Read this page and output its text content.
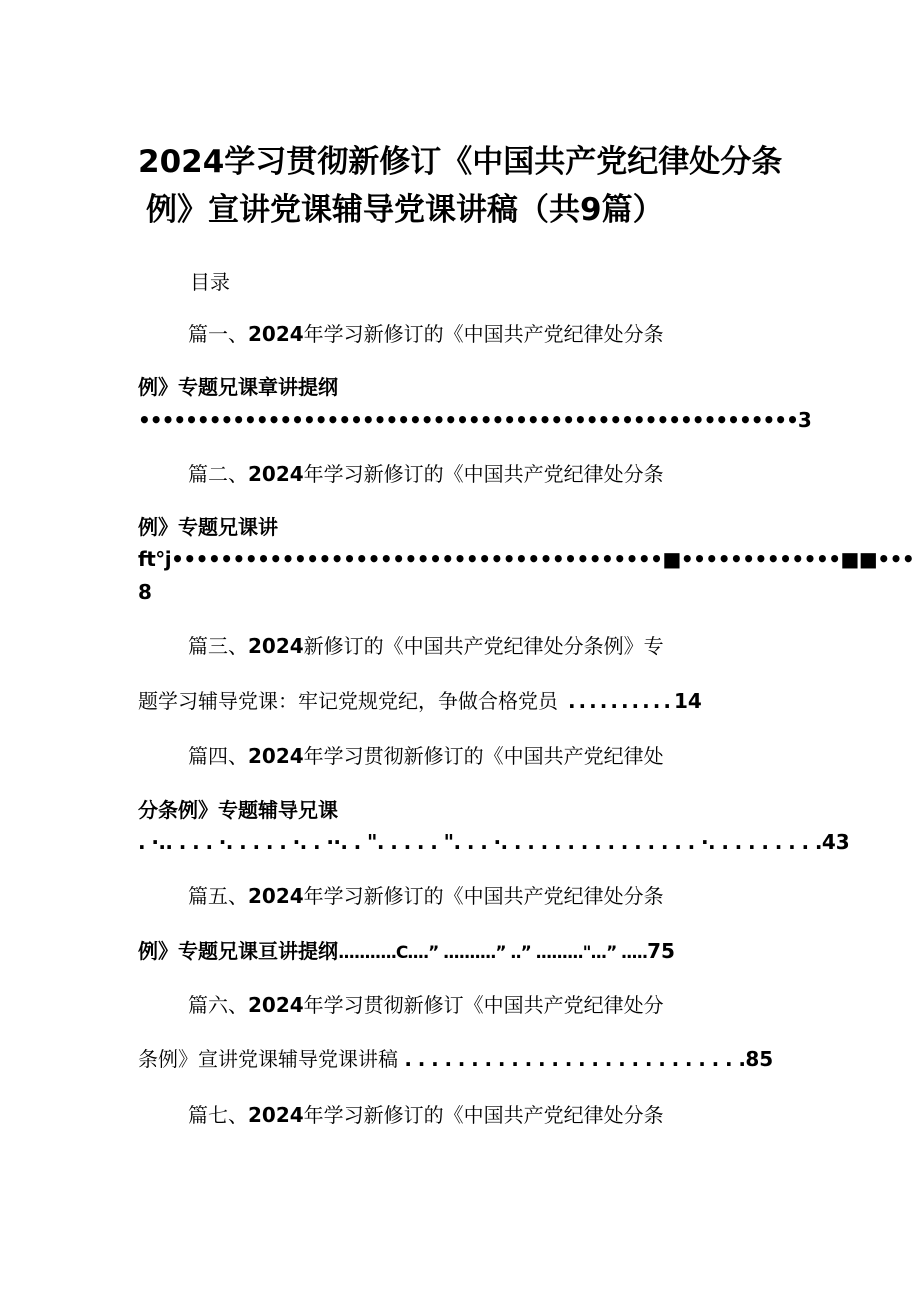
2024学习贯彻新修订《中国共产党纪律处分条
例》宣讲党课辅导党课讲稿（共9篇）
目录
篇一、2024年学习新修订的《中国共产党纪律处分条
例》专题兄课章讲提纲
••••••••••••••••••••••••••••••••••••••••••••••••••••••••3
篇二、2024年学习新修订的《中国共产党纪律处分条
例》专题兄课讲
ft°j••••••••••••••••••••••••••••••••••••••••■•••••••••••••■■•••
8
篇三、2024新修订的《中国共产党纪律处分条例》专
题学习辅导党课：牢记党规党纪，争做合格党员 ..........14
篇四、2024年学习贯彻新修订的《中国共产党纪律处
分条例》专题辅导兄课
. ·.. . . . ·. . . . . ·. . ··. . ". . . . . ". . . ·. . . . . . . . . . . . . . . ·. . . . . . . . .43
篇五、2024年学习新修订的《中国共产党纪律处分条
例》专题兄课亘讲提纲...........C....” ..........” ..” ........."...” .....75
篇六、2024年学习贯彻新修订《中国共产党纪律处分
条例》宣讲党课辅导党课讲稿 . . . . . . . . . . . . . . . . . . . . . . . . . .85
篇七、2024年学习新修订的《中国共产党纪律处分条
